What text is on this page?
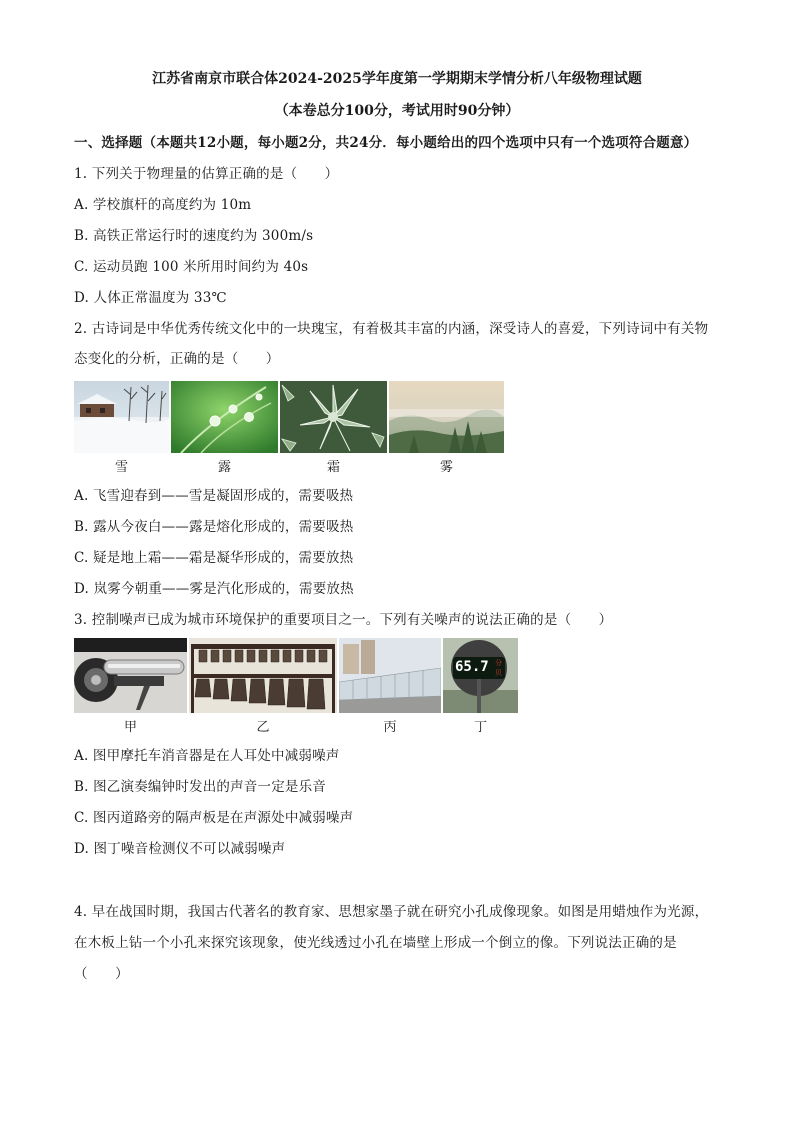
江苏省南京市联合体2024-2025学年度第一学期期末学情分析八年级物理试题
（本卷总分100分，考试用时90分钟）
一、选择题（本题共12小题，每小题2分，共24分．每小题给出的四个选项中只有一个选项符合题意）
1. 下列关于物理量的估算正确的是（　　）
A. 学校旗杆的高度约为 10m
B. 高铁正常运行时的速度约为 300m/s
C. 运动员跑 100 米所用时间约为 40s
D. 人体正常温度为 33℃
2. 古诗词是中华优秀传统文化中的一块瑰宝，有着极其丰富的内涵，深受诗人的喜爱，下列诗词中有关物
态变化的分析，正确的是（　　）
雪	露	霜	雾
A. 飞雪迎春到——雪是凝固形成的，需要吸热
B. 露从今夜白——露是熔化形成的，需要吸热
C. 疑是地上霜——霜是凝华形成的，需要放热
D. 岚雾今朝重——雾是汽化形成的，需要放热
3. 控制噪声已成为城市环境保护的重要项目之一。下列有关噪声的说法正确的是（　　）
65.7 分
贝
甲	乙	丙	丁
A. 图甲摩托车消音器是在人耳处中减弱噪声
B. 图乙演奏编钟时发出的声音一定是乐音
C. 图丙道路旁的隔声板是在声源处中减弱噪声
D. 图丁噪音检测仪不可以减弱噪声
4. 早在战国时期，我国古代著名的教育家、思想家墨子就在研究小孔成像现象。如图是用蜡烛作为光源，
在木板上钻一个小孔来探究该现象，使光线透过小孔在墙壁上形成一个倒立的像。下列说法正确的是
（　　）
